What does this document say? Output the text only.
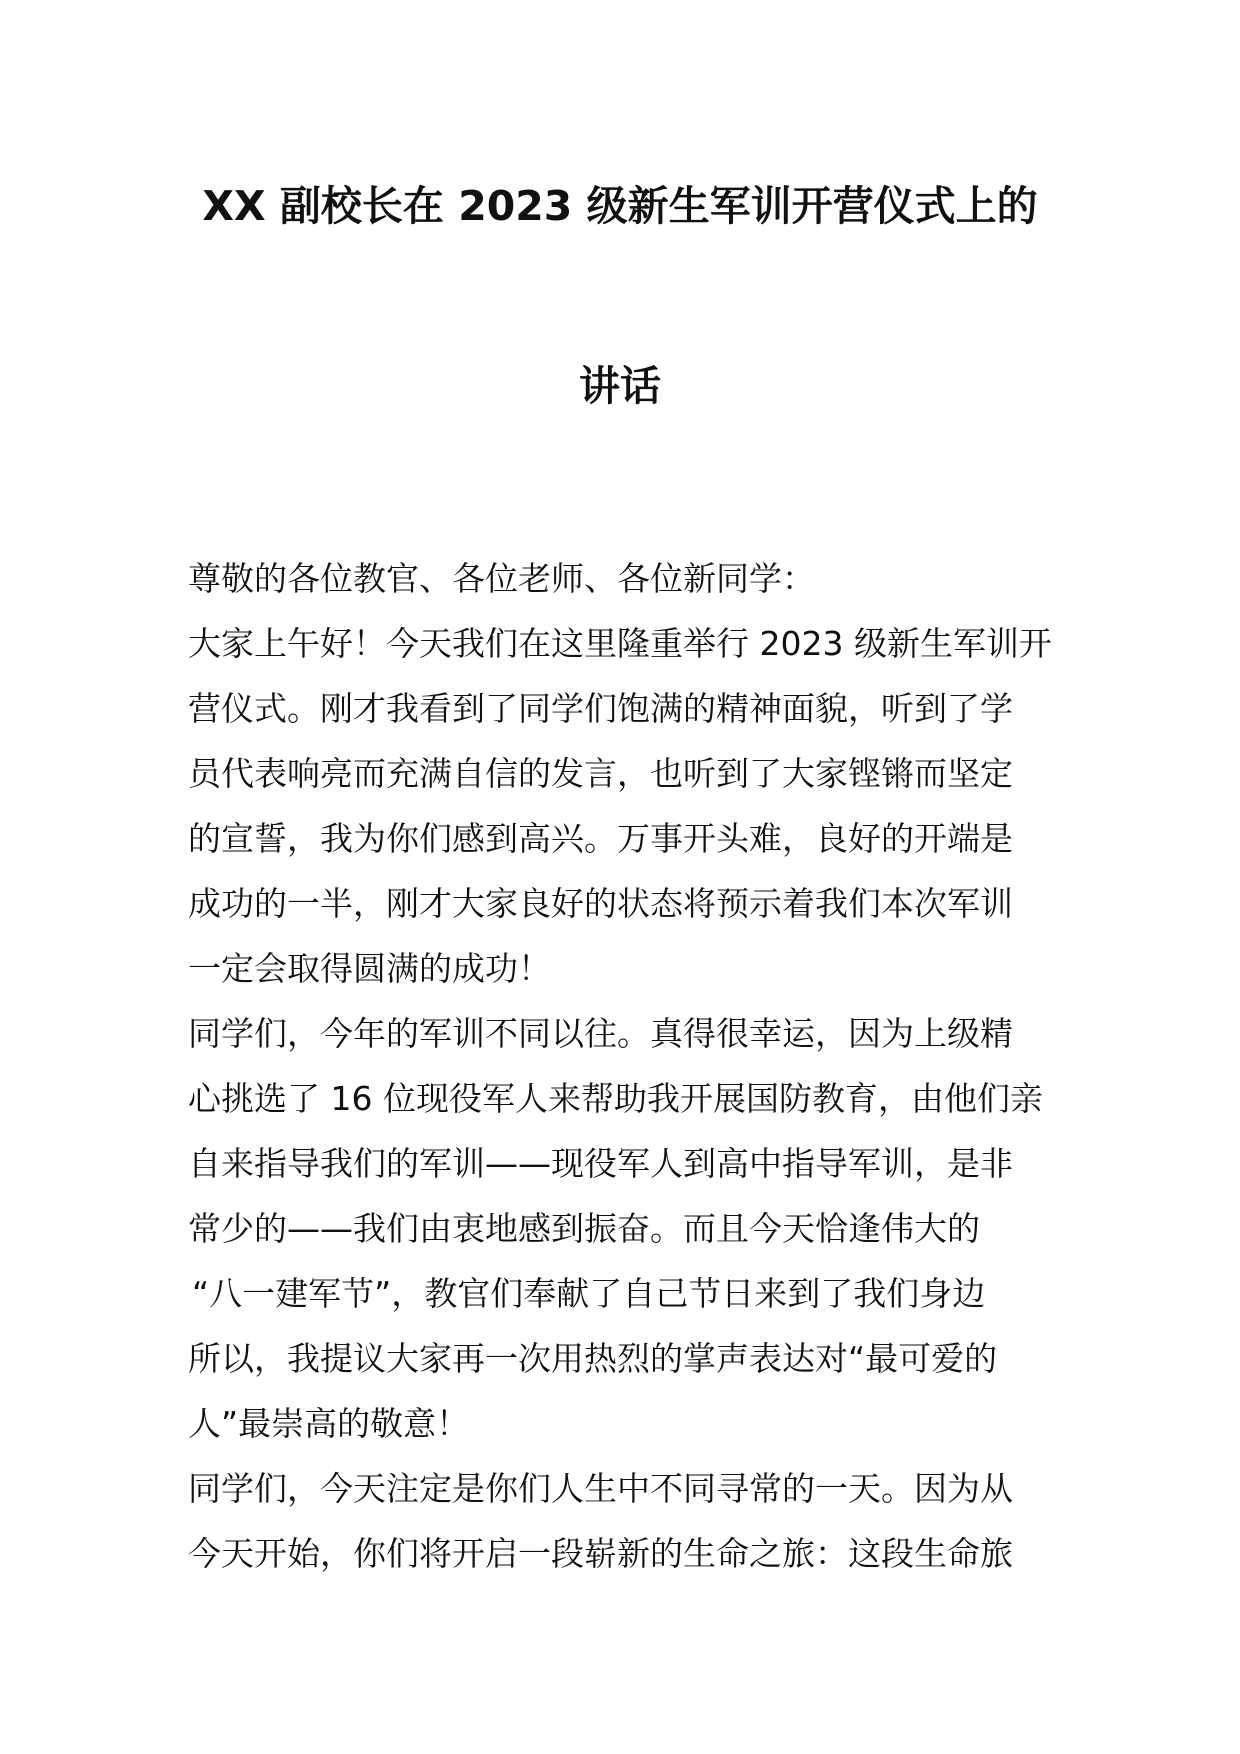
XX 副校长在 2023 级新生军训开营仪式上的
讲话
尊敬的各位教官、各位老师、各位新同学：
大家上午好！今天我们在这里隆重举行 2023 级新生军训开
营仪式。刚才我看到了同学们饱满的精神面貌，听到了学
员代表响亮而充满自信的发言，也听到了大家铿锵而坚定
的宣誓，我为你们感到高兴。万事开头难，良好的开端是
成功的一半，刚才大家良好的状态将预示着我们本次军训
一定会取得圆满的成功！
同学们，今年的军训不同以往。真得很幸运，因为上级精
心挑选了 16 位现役军人来帮助我开展国防教育，由他们亲
自来指导我们的军训——现役军人到高中指导军训，是非
常少的——我们由衷地感到振奋。而且今天恰逢伟大的
“八一建军节”，教官们奉献了自己节日来到了我们身边
所以，我提议大家再一次用热烈的掌声表达对“最可爱的
人”最崇高的敬意！
同学们，今天注定是你们人生中不同寻常的一天。因为从
今天开始，你们将开启一段崭新的生命之旅：这段生命旅
